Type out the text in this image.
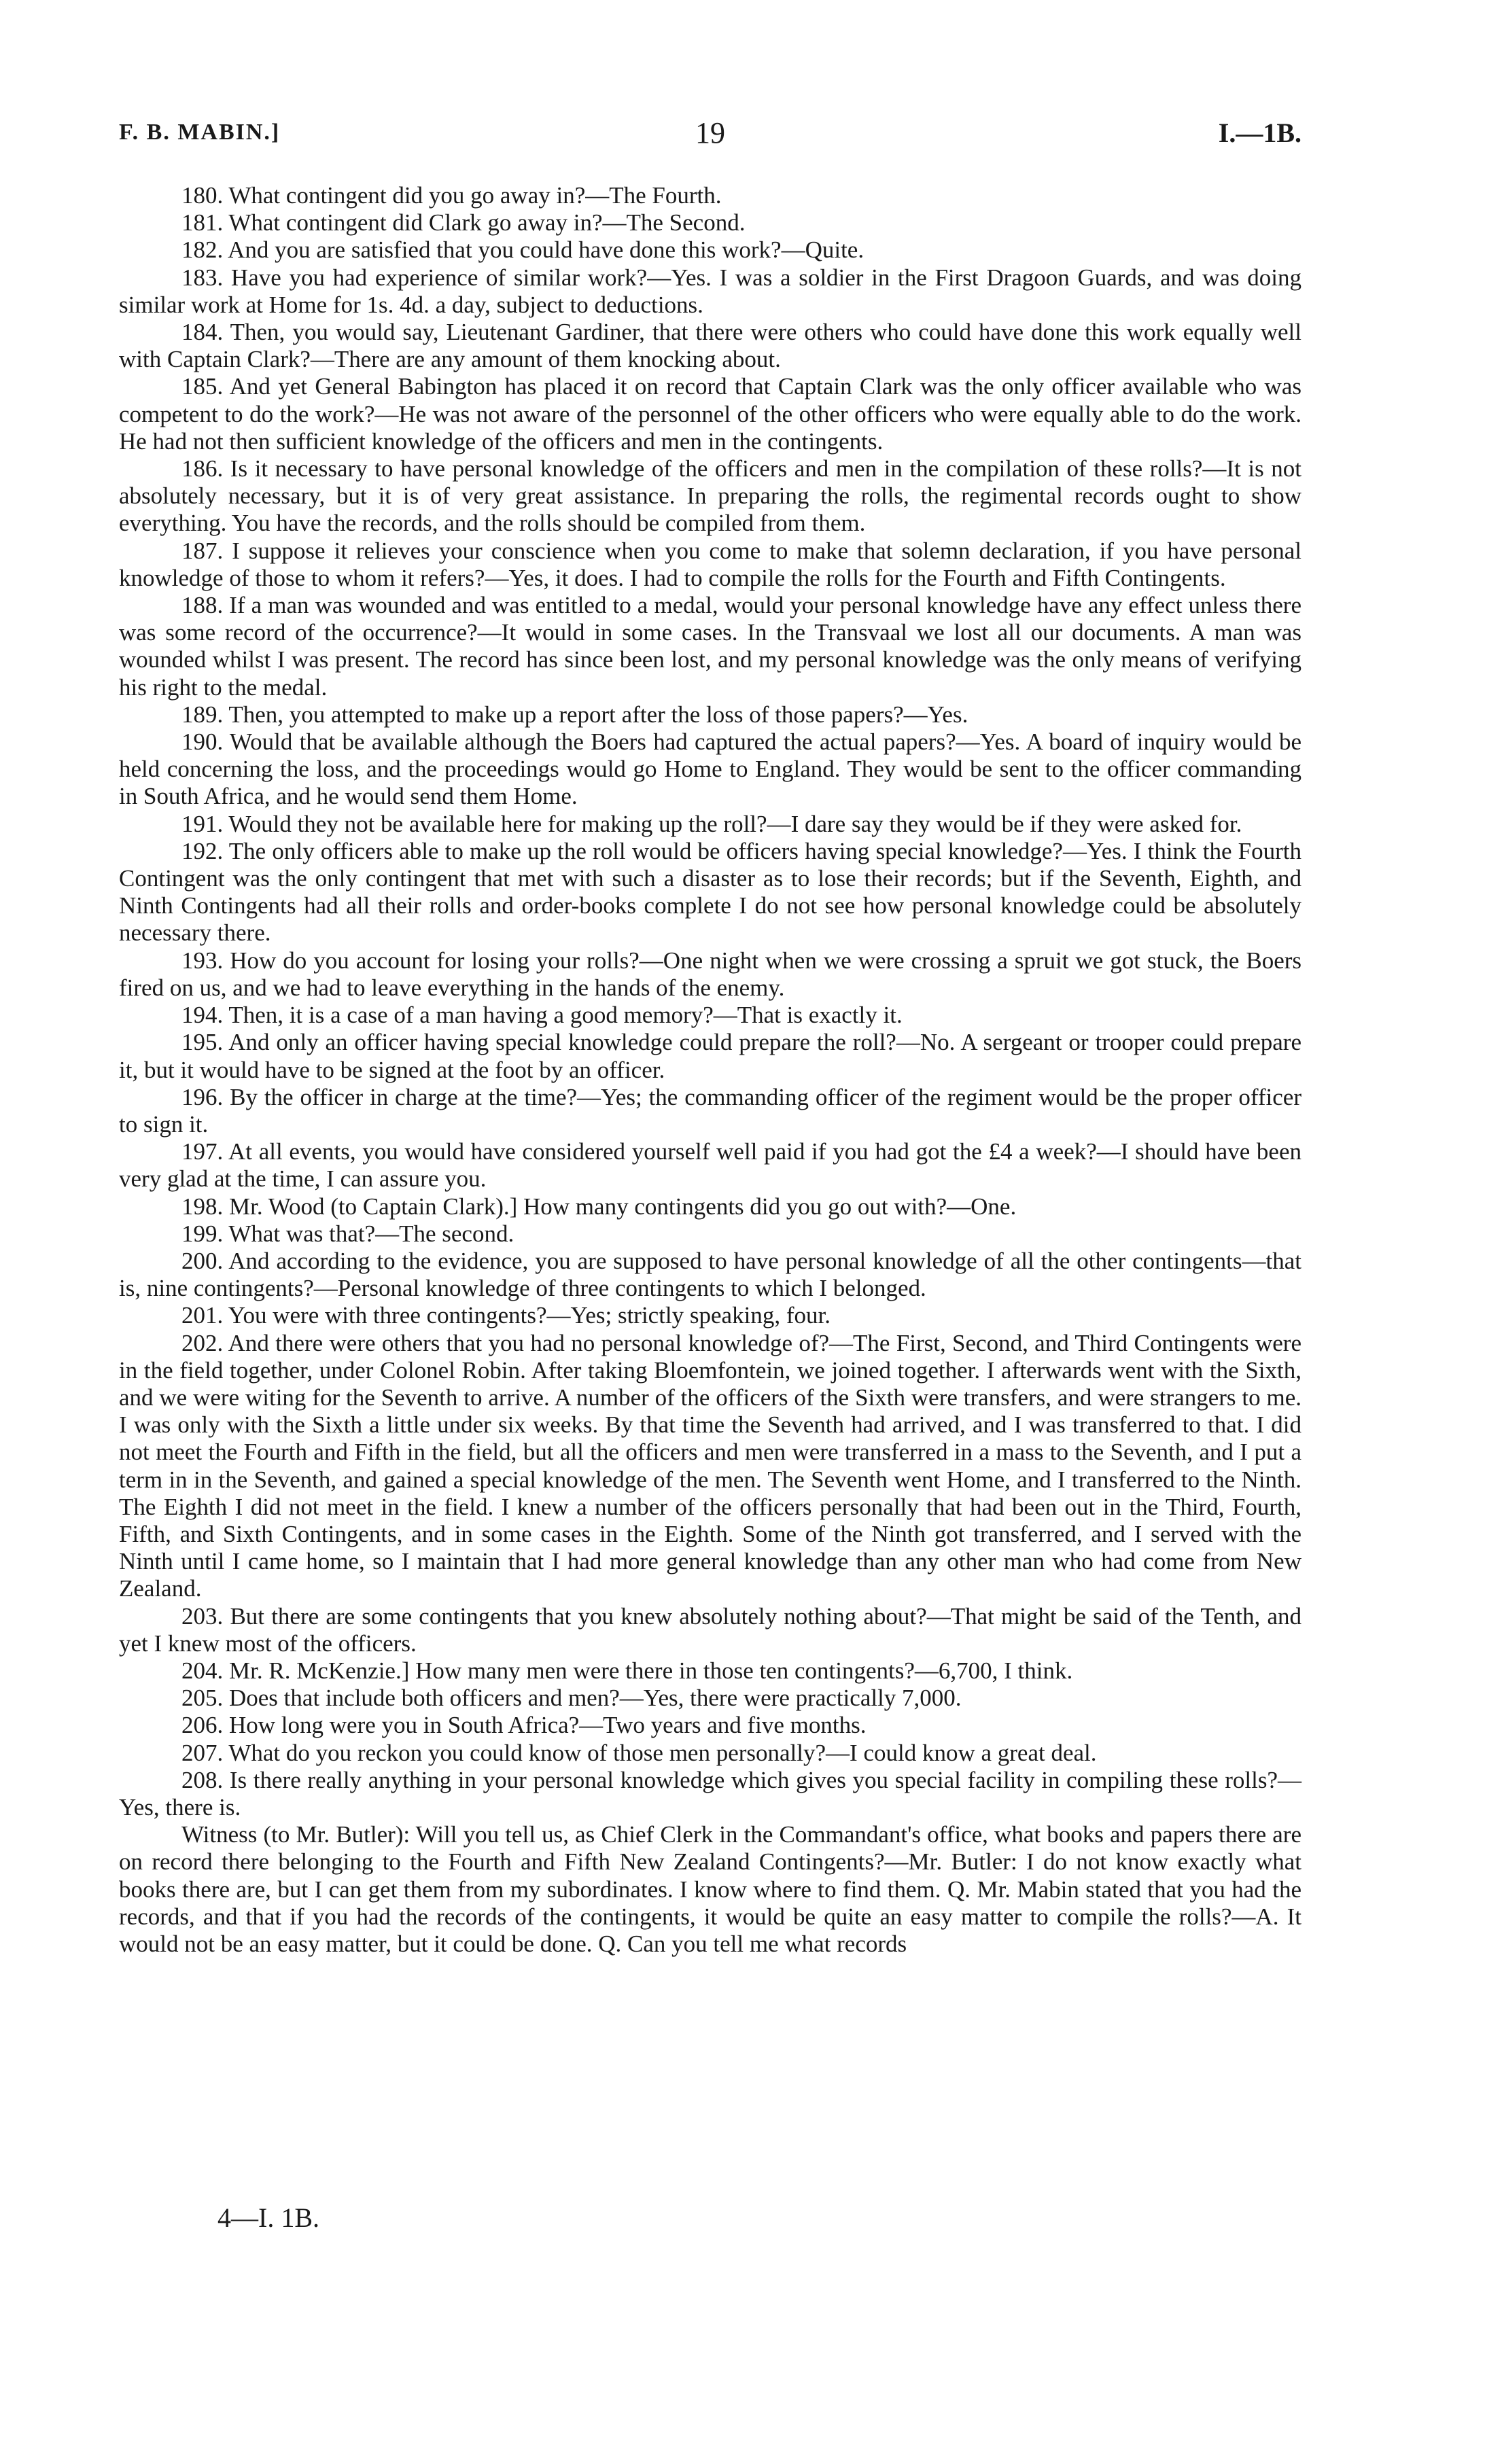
F. B. MABIN.]	19	I.—1B.

180. What contingent did you go away in?—The Fourth.

181. What contingent did Clark go away in?—The Second.

182. And you are satisfied that you could have done this work?—Quite.

183. Have you had experience of similar work?—Yes. I was a soldier in the First Dragoon Guards, and was doing similar work at Home for 1s. 4d. a day, subject to deductions.

184. Then, you would say, Lieutenant Gardiner, that there were others who could have done this work equally well with Captain Clark?—There are any amount of them knocking about.

185. And yet General Babington has placed it on record that Captain Clark was the only officer available who was competent to do the work?—He was not aware of the personnel of the other officers who were equally able to do the work. He had not then sufficient knowledge of the officers and men in the contingents.

186. Is it necessary to have personal knowledge of the officers and men in the compilation of these rolls?—It is not absolutely necessary, but it is of very great assistance. In preparing the rolls, the regimental records ought to show everything. You have the records, and the rolls should be compiled from them.

187. I suppose it relieves your conscience when you come to make that solemn declaration, if you have personal knowledge of those to whom it refers?—Yes, it does. I had to compile the rolls for the Fourth and Fifth Contingents.

188. If a man was wounded and was entitled to a medal, would your personal knowledge have any effect unless there was some record of the occurrence?—It would in some cases. In the Transvaal we lost all our documents. A man was wounded whilst I was present. The record has since been lost, and my personal knowledge was the only means of verifying his right to the medal.

189. Then, you attempted to make up a report after the loss of those papers?—Yes.

190. Would that be available although the Boers had captured the actual papers?—Yes. A board of inquiry would be held concerning the loss, and the proceedings would go Home to England. They would be sent to the officer commanding in South Africa, and he would send them Home.

191. Would they not be available here for making up the roll?—I dare say they would be if they were asked for.

192. The only officers able to make up the roll would be officers having special knowledge?—Yes. I think the Fourth Contingent was the only contingent that met with such a disaster as to lose their records; but if the Seventh, Eighth, and Ninth Contingents had all their rolls and order-books complete I do not see how personal knowledge could be absolutely necessary there.

193. How do you account for losing your rolls?—One night when we were crossing a spruit we got stuck, the Boers fired on us, and we had to leave everything in the hands of the enemy.

194. Then, it is a case of a man having a good memory?—That is exactly it.

195. And only an officer having special knowledge could prepare the roll?—No. A sergeant or trooper could prepare it, but it would have to be signed at the foot by an officer.

196. By the officer in charge at the time?—Yes; the commanding officer of the regiment would be the proper officer to sign it.

197. At all events, you would have considered yourself well paid if you had got the £4 a week?—I should have been very glad at the time, I can assure you.

198. Mr. Wood (to Captain Clark).] How many contingents did you go out with?—One.

199. What was that?—The second.

200. And according to the evidence, you are supposed to have personal knowledge of all the other contingents—that is, nine contingents?—Personal knowledge of three contingents to which I belonged.

201. You were with three contingents?—Yes; strictly speaking, four.

202. And there were others that you had no personal knowledge of?—The First, Second, and Third Contingents were in the field together, under Colonel Robin. After taking Bloemfontein, we joined together. I afterwards went with the Sixth, and we were witing for the Seventh to arrive. A number of the officers of the Sixth were transfers, and were strangers to me. I was only with the Sixth a little under six weeks. By that time the Seventh had arrived, and I was transferred to that. I did not meet the Fourth and Fifth in the field, but all the officers and men were transferred in a mass to the Seventh, and I put a term in in the Seventh, and gained a special knowledge of the men. The Seventh went Home, and I transferred to the Ninth. The Eighth I did not meet in the field. I knew a number of the officers personally that had been out in the Third, Fourth, Fifth, and Sixth Contingents, and in some cases in the Eighth. Some of the Ninth got transferred, and I served with the Ninth until I came home, so I maintain that I had more general knowledge than any other man who had come from New Zealand.

203. But there are some contingents that you knew absolutely nothing about?—That might be said of the Tenth, and yet I knew most of the officers.

204. Mr. R. McKenzie.] How many men were there in those ten contingents?—6,700, I think.

205. Does that include both officers and men?—Yes, there were practically 7,000.

206. How long were you in South Africa?—Two years and five months.

207. What do you reckon you could know of those men personally?—I could know a great deal.

208. Is there really anything in your personal knowledge which gives you special facility in compiling these rolls?—Yes, there is.

Witness (to Mr. Butler): Will you tell us, as Chief Clerk in the Commandant's office, what books and papers there are on record there belonging to the Fourth and Fifth New Zealand Contingents?—Mr. Butler: I do not know exactly what books there are, but I can get them from my subordinates. I know where to find them. Q. Mr. Mabin stated that you had the records, and that if you had the records of the contingents, it would be quite an easy matter to compile the rolls?—A. It would not be an easy matter, but it could be done. Q. Can you tell me what records

4—I. 1B.
